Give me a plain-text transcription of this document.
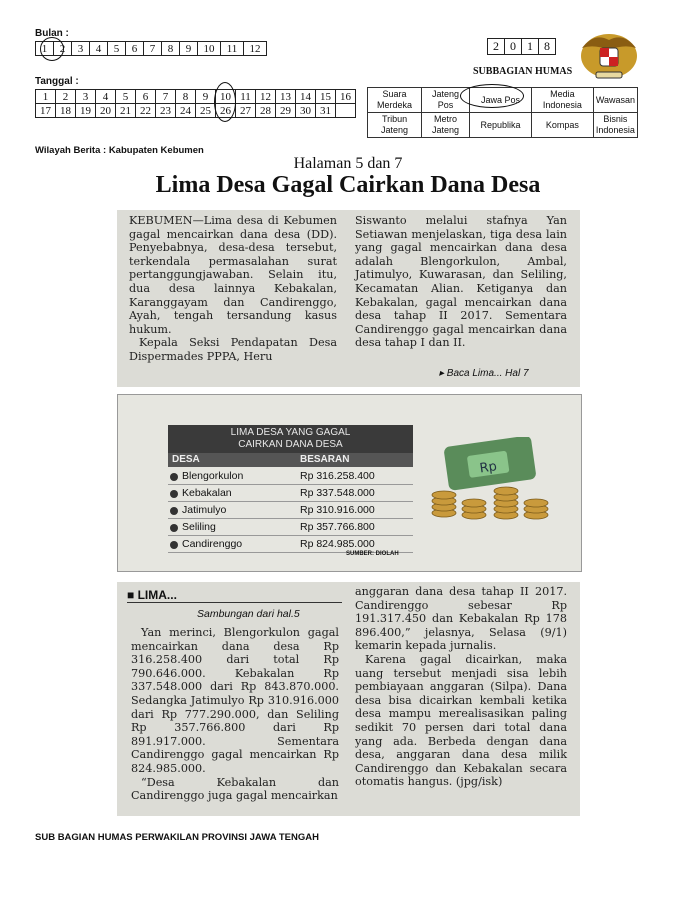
Bulan :
1	2	3	4	5	6	7	8	9	10	11	12	2	0	1	8
SUBBAGIAN HUMAS
Tanggal :
1	2	3	4	5	6	7	8	9	10	11	12	13	14	15	16
17	18	19	20	21	22	23	24	25	26	27	28	29	30	31	
Suara Merdeka	Jateng Pos	Jawa Pos	Media Indonesia	Wawasan
Tribun Jateng	Metro Jateng	Republika	Kompas	Bisnis Indonesia
Wilayah Berita : Kabupaten Kebumen
Halaman 5 dan 7
Lima Desa Gagal Cairkan Dana Desa

KEBUMEN—Lima desa di Kebumen gagal mencairkan dana desa (DD). Penyebabnya, desa-desa tersebut, terkendala permasalahan surat pertanggungjawaban. Selain itu, dua desa lainnya Kebakalan, Karanggayam dan Candirenggo, Ayah, tengah tersandung kasus hukum.

Kepala Seksi Pendapatan Desa Dispermades PPPA, Heru

Siswanto melalui stafnya Yan Setiawan menjelaskan, tiga desa lain yang gagal mencairkan dana desa adalah Blengorkulon, Ambal, Jatimulyo, Kuwarasan, dan Seliling, Kecamatan Alian. Ketiganya dan Kebakalan, gagal mencairkan dana desa tahap II 2017. Sementara Candirenggo gagal mencairkan dana desa tahap I dan II.

▸ Baca Lima... Hal 7
LIMA DESA YANG GAGAL
CAIRKAN DANA DESA
DESA	BESARAN
Blengorkulon	Rp 316.258.400
Kebakalan	Rp 337.548.000
Jatimulyo	Rp 310.916.000
Seliling	Rp 357.766.800
Candirenggo	Rp 824.985.000
SUMBER: DIOLAH
Rp
■ LIMA...
Sambungan dari hal.5

Yan merinci, Blengorkulon gagal mencairkan dana desa Rp 316.258.400 dari total Rp 790.646.000. Kebakalan Rp 337.548.000 dari Rp 843.870.000. Sedangka Jatimulyo Rp 310.916.000 dari Rp 777.290.000, dan Seliling Rp 357.766.800 dari Rp 891.917.000. Sementara Candirenggo gagal mencairkan Rp 824.985.000.

“Desa Kebakalan dan Candirenggo juga gagal mencairkan

anggaran dana desa tahap II 2017. Candirenggo sebesar Rp 191.317.450 dan Kebakalan Rp 178 896.400,” jelasnya, Selasa (9/1) kemarin kepada jurnalis.

Karena gagal dicairkan, maka uang tersebut menjadi sisa lebih pembiayaan anggaran (Silpa). Dana desa bisa dicairkan kembali ketika desa mampu merealisasikan paling sedikit 70 persen dari total dana yang ada. Berbeda dengan dana desa, anggaran dana desa milik Candirenggo dan Kebakalan secara otomatis hangus. (jpg/isk)

SUB BAGIAN HUMAS PERWAKILAN PROVINSI JAWA TENGAH
